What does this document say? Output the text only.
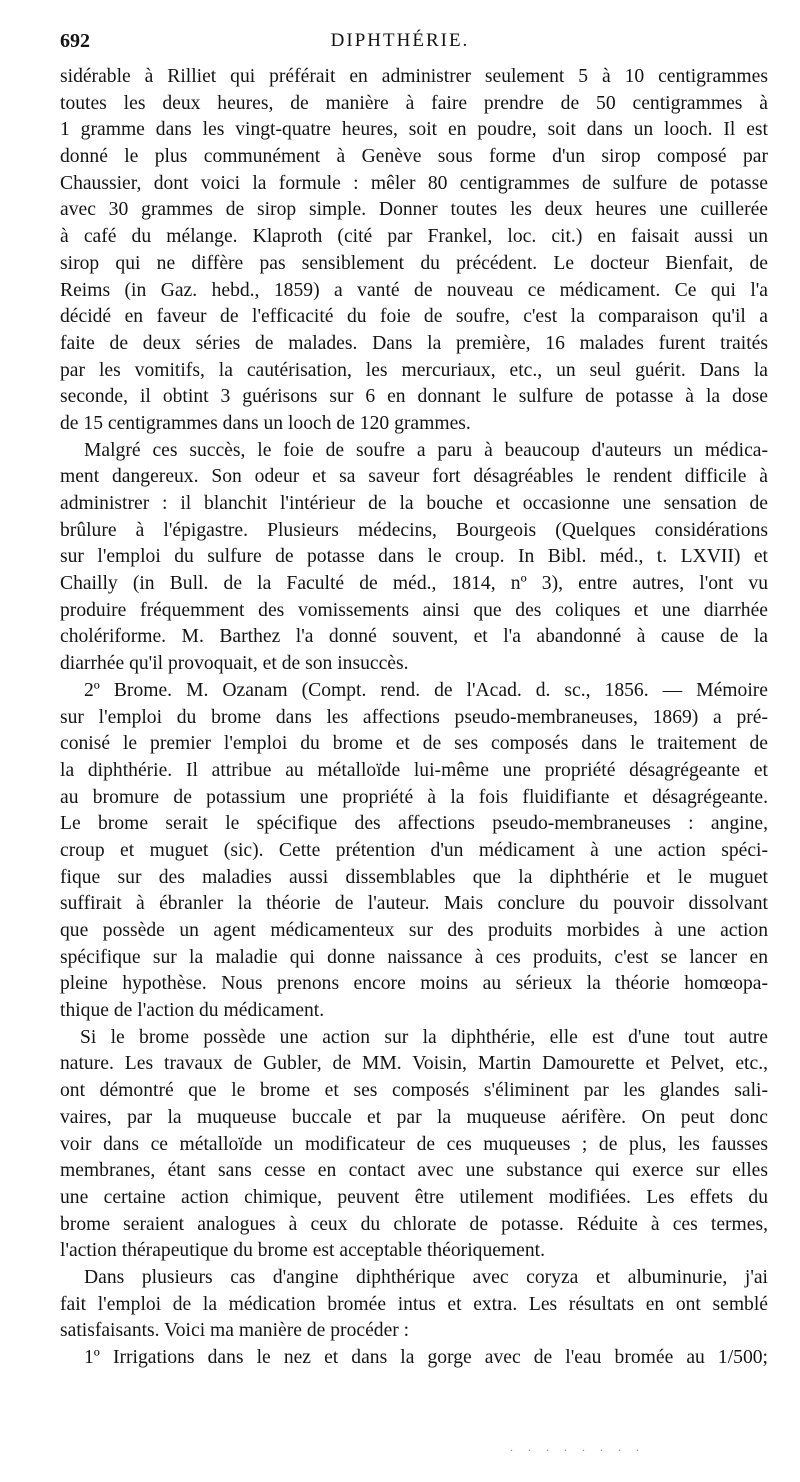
692	DIPHTHÉRIE.
sidérable à Rilliet qui préférait en administrer seulement 5 à 10 centigrammes
toutes les deux heures, de manière à faire prendre de 50 centigrammes à
1 gramme dans les vingt-quatre heures, soit en poudre, soit dans un looch. Il est
donné le plus communément à Genève sous forme d'un sirop composé par
Chaussier, dont voici la formule : mêler 80 centigrammes de sulfure de potasse
avec 30 grammes de sirop simple. Donner toutes les deux heures une cuillerée
à café du mélange. Klaproth (cité par Frankel, loc. cit.) en faisait aussi un
sirop qui ne diffère pas sensiblement du précédent. Le docteur Bienfait, de
Reims (in Gaz. hebd., 1859) a vanté de nouveau ce médicament. Ce qui l'a
décidé en faveur de l'efficacité du foie de soufre, c'est la comparaison qu'il a
faite de deux séries de malades. Dans la première, 16 malades furent traités
par les vomitifs, la cautérisation, les mercuriaux, etc., un seul guérit. Dans la
seconde, il obtint 3 guérisons sur 6 en donnant le sulfure de potasse à la dose
de 15 centigrammes dans un looch de 120 grammes.
Malgré ces succès, le foie de soufre a paru à beaucoup d'auteurs un médica-
ment dangereux. Son odeur et sa saveur fort désagréables le rendent difficile à
administrer : il blanchit l'intérieur de la bouche et occasionne une sensation de
brûlure à l'épigastre. Plusieurs médecins, Bourgeois (Quelques considérations
sur l'emploi du sulfure de potasse dans le croup. In Bibl. méd., t. LXVII) et
Chailly (in Bull. de la Faculté de méd., 1814, nº 3), entre autres, l'ont vu
produire fréquemment des vomissements ainsi que des coliques et une diarrhée
cholériforme. M. Barthez l'a donné souvent, et l'a abandonné à cause de la
diarrhée qu'il provoquait, et de son insuccès.
2º Brome. M. Ozanam (Compt. rend. de l'Acad. d. sc., 1856. — Mémoire
sur l'emploi du brome dans les affections pseudo-membraneuses, 1869) a pré-
conisé le premier l'emploi du brome et de ses composés dans le traitement de
la diphthérie. Il attribue au métalloïde lui-même une propriété désagrégeante et
au bromure de potassium une propriété à la fois fluidifiante et désagrégeante.
Le brome serait le spécifique des affections pseudo-membraneuses : angine,
croup et muguet (sic). Cette prétention d'un médicament à une action spéci-
fique sur des maladies aussi dissemblables que la diphthérie et le muguet
suffirait à ébranler la théorie de l'auteur. Mais conclure du pouvoir dissolvant
que possède un agent médicamenteux sur des produits morbides à une action
spécifique sur la maladie qui donne naissance à ces produits, c'est se lancer en
pleine hypothèse. Nous prenons encore moins au sérieux la théorie homœopa-
thique de l'action du médicament.
Si le brome possède une action sur la diphthérie, elle est d'une tout autre
nature. Les travaux de Gubler, de MM. Voisin, Martin Damourette et Pelvet, etc.,
ont démontré que le brome et ses composés s'éliminent par les glandes sali-
vaires, par la muqueuse buccale et par la muqueuse aérifère. On peut donc
voir dans ce métalloïde un modificateur de ces muqueuses ; de plus, les fausses
membranes, étant sans cesse en contact avec une substance qui exerce sur elles
une certaine action chimique, peuvent être utilement modifiées. Les effets du
brome seraient analogues à ceux du chlorate de potasse. Réduite à ces termes,
l'action thérapeutique du brome est acceptable théoriquement.
Dans plusieurs cas d'angine diphthérique avec coryza et albuminurie, j'ai
fait l'emploi de la médication bromée intus et extra. Les résultats en ont semblé
satisfaisants. Voici ma manière de procéder :
1º Irrigations dans le nez et dans la gorge avec de l'eau bromée au 1/500;
. . . . . . . .
